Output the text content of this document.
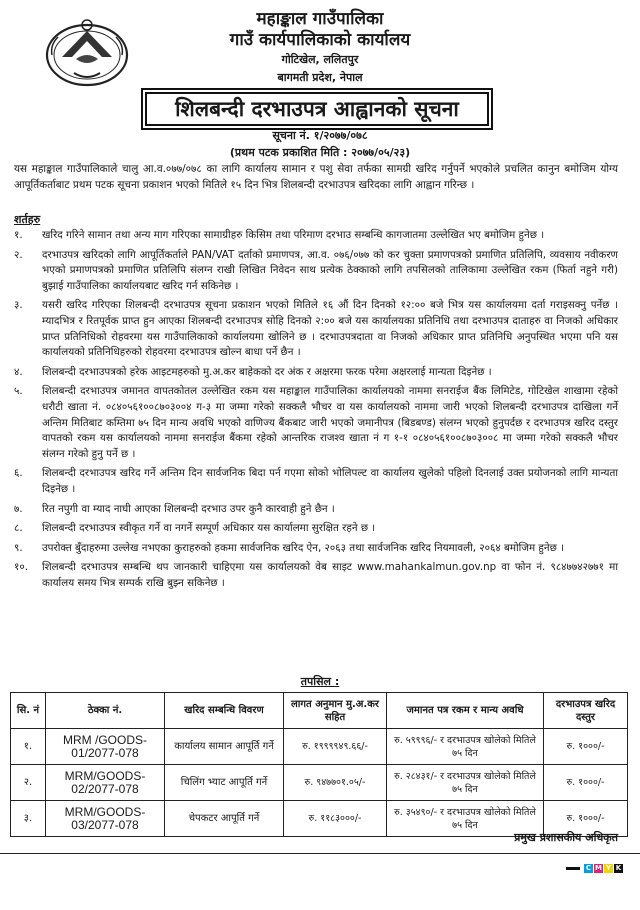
महाङ्काल गाउँपालिका
गाउँ कार्यपालिकाको कार्यालय
गोटिखेल, ललितपुर
बागमती प्रदेश, नेपाल
शिलबन्दी दरभाउपत्र आह्वानको सूचना
सूचना नं. १/२०७७/०७८
(प्रथम पटक प्रकाशित मिति : २०७७/०५/२३)
यस महाङ्काल गाउँपालिकाले चालु आ.व.०७७/०७८ का लागि कार्यालय सामान र पशु सेवा तर्फका सामग्री खरिद गर्नुपर्ने भएकोले प्रचलित कानुन बमोजिम योग्य आपूर्तिकर्ताबाट प्रथम पटक सूचना प्रकाशन भएको मितिले १५ दिन भित्र शिलबन्दी दरभाउपत्र खरिदका लागि आह्वान गरिन्छ ।
शर्तहरु
१.	खरिद गरिने सामान तथा अन्य माग गरिएका सामाग्रीहरु किसिम तथा परिमाण दरभाउ सम्बन्धि कागजातमा उल्लेखित भए बमोजिम हुनेछ ।
२.	दरभाउपत्र खरिदको लागि आपूर्तिकर्ताले PAN/VAT दर्ताको प्रमाणपत्र, आ.व. ०७६/०७७ को कर चुक्ता प्रमाणपत्रको प्रमाणित प्रतिलिपि, व्यवसाय नवीकरण भएको प्रमाणपत्रको प्रमाणित प्रतिलिपि संलग्न राखी लिखित निवेदन साथ प्रत्येक ठेक्काको लागि तपसिलको तालिकामा उल्लेखित रकम (फिर्ता नहुने गरी) बुझाई गाउँपालिका कार्यालयबाट खरिद गर्न सकिनेछ ।
३.	यसरी खरिद गरिएका शिलबन्दी दरभाउपत्र सूचना प्रकाशन भएको मितिले १६ औं दिन दिनको १२:०० बजे भित्र यस कार्यालयमा दर्ता गराइसक्नु पर्नेछ । म्यादभित्र र रितपूर्वक प्राप्त हुन आएका शिलबन्दी दरभाउपत्र सोहि दिनको २:०० बजे यस कार्यालयका प्रतिनिधि तथा दरभाउपत्र दाताहरु वा निजको अधिकार प्राप्त प्रतिनिधिको रोहवरमा यस गाउँपालिकाको कार्यालयमा खोलिने छ । दरभाउपत्रदाता वा निजको अधिकार प्राप्त प्रतिनिधि अनुपस्थित भएमा पनि यस कार्यालयको प्रतिनिधिहरुको रोहवरमा दरभाउपत्र खोल्न बाधा पर्ने छैन ।
४.	शिलबन्दी दरभाउपत्रको हरेक आइटमहरुको मु.अ.कर बाहेकको दर अंक र अक्षरमा फरक परेमा अक्षरलाई मान्यता दिइनेछ ।
५.	शिलबन्दी दरभाउपत्र जमानत वापतकोतल उल्लेखित रकम यस महाङ्काल गाउँपालिका कार्यालयको नाममा सनराईज बैंक लिमिटेड, गोटिखेल शाखामा रहेको धरौटी खाता नं. ०८४०५६१००८७०३००४ ग-३ मा जम्मा गरेको सक्कलै भौचर वा यस कार्यालयको नाममा जारी भएको शिलबन्दी दरभाउपत्र दाखिला गर्ने अन्तिम मितिबाट कम्तिमा ७५ दिन मान्य अवधि भएको वाणिज्य बैंकबाट जारी भएको जमानीपत्र (बिडबण्ड) संलग्न भएको हुनुपर्दछ र दरभाउपत्र खरिद दस्तुर वापतको रकम यस कार्यालयको नाममा सनराईज बैंकमा रहेको आन्तरिक राजश्व खाता नं ग १-१ ०८४०५६१००८७०३००८ मा जम्मा गरेको सक्कलै भौचर संलग्न गरेको हुनु पर्ने छ ।
६.	शिलबन्दी दरभाउपत्र खरिद गर्ने अन्तिम दिन सार्वजनिक बिदा पर्न गएमा सोको भोलिपल्ट वा कार्यालय खुलेको पहिलो दिनलाई उक्त प्रयोजनको लागि मान्यता दिइनेछ ।
७.	रित नपुगी वा म्याद नाघी आएका शिलबन्दी दरभाउ उपर कुनै कारवाही हुने छैन ।
८.	शिलबन्दी दरभाउपत्र स्वीकृत गर्ने वा नगर्ने सम्पूर्ण अधिकार यस कार्यालमा सुरक्षित रहने छ ।
९.	उपरोक्त बुँदाहरुमा उल्लेख नभएका कुराहरुको हकमा सार्वजनिक खरिद ऐन, २०६३ तथा सार्वजनिक खरिद नियमावली, २०६४ बमोजिम हुनेछ ।
१०.	शिलबन्दी दरभाउपत्र सम्बन्धि थप जानकारी चाहिएमा यस कार्यालयको वेब साइट www.mahankalmun.gov.np वा फोन नं. ९८४७७४२७७१ मा कार्यालय समय भित्र सम्पर्क राखि बुझ्न सकिनेछ ।
तपसिल :
सि. नं	ठेक्का नं.	खरिद सम्बन्धि विवरण	लागत अनुमान मु.अ.कर सहित	जमानत पत्र रकम र मान्य अवधि	दरभाउपत्र खरिद दस्तुर
१.	MRM /GOODS-01/2077-078	कार्यालय सामान आपूर्ति गर्ने	रु. १९९९९४९.६६/-	रु. ५९९९६/- र दरभाउपत्र खोलेको मितिले ७५ दिन	रु. १०००/-
२.	MRM/GOODS-02/2077-078	चिलिंग भ्याट आपूर्ति गर्ने	रु. ९४७७०१.०५/-	रु. २८४३१/- र दरभाउपत्र खोलेको मितिले ७५ दिन	रु. १०००/-
३.	MRM/GOODS-03/2077-078	चेपकटर आपूर्ति गर्ने	रु. ११८३०००/-	रु. ३५४९०/- र दरभाउपत्र खोलेको मितिले ७५ दिन	रु. १०००/-
प्रमुख प्रशासकीय अधिकृत
C M Y K
